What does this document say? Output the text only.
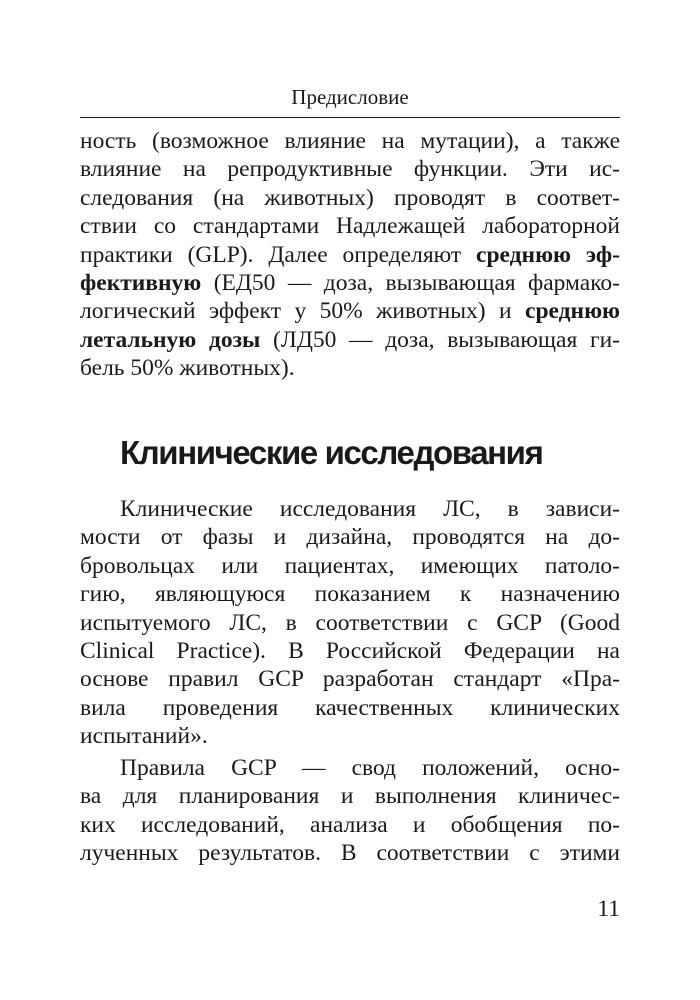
Предисловие
ность (возможное влияние на мутации), а также
влияние на репродуктивные функции. Эти ис-
следования (на животных) проводят в соответ-
ствии со стандартами Надлежащей лабораторной
практики (GLP). Далее определяют среднюю эф-
фективную (ЕД50 — доза, вызывающая фармако-
логический эффект у 50% животных) и среднюю
летальную дозы (ЛД50 — доза, вызывающая ги-
бель 50% животных).
Клинические исследования
Клинические исследования ЛС, в зависи-
мости от фазы и дизайна, проводятся на до-
бровольцах или пациентах, имеющих патоло-
гию, являющуюся показанием к назначению
испытуемого ЛС, в соответствии с GCP (Good
Clinical Practice). В Российской Федерации на
основе правил GCP разработан стандарт «Пра-
вила проведения качественных клинических
испытаний».
Правила GCP — свод положений, осно-
ва для планирования и выполнения клиничес-
ких исследований, анализа и обобщения по-
лученных результатов. В соответствии с этими
11
